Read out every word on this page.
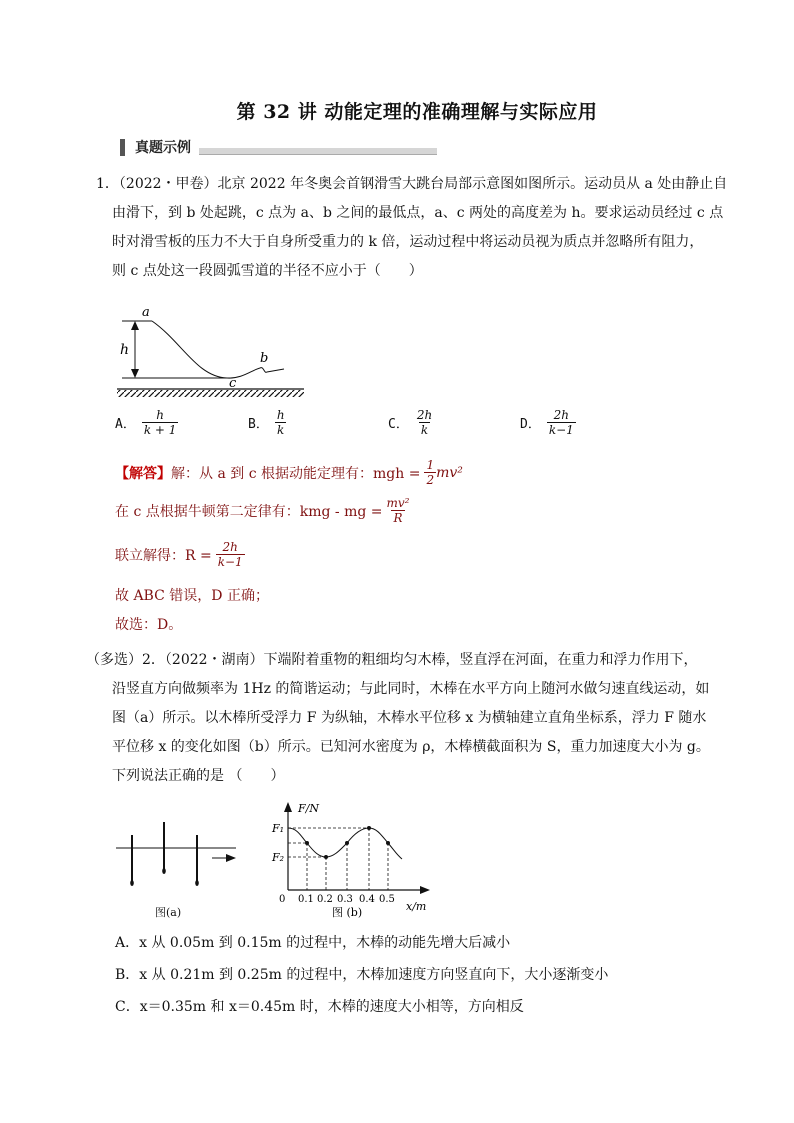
第 32 讲 动能定理的准确理解与实际应用
真题示例
1．（2022・甲卷）北京 2022 年冬奥会首钢滑雪大跳台局部示意图如图所示。运动员从 a 处由静止自
由滑下，到 b 处起跳，c 点为 a、b 之间的最低点，a、c 两处的高度差为 h。要求运动员经过 c 点
时对滑雪板的压力不大于自身所受重力的 k 倍，运动过程中将运动员视为质点并忽略所有阻力，
则 c 点处这一段圆弧雪道的半径不应小于（　　）
a
h
b
c
A． $\frac{h}{k + 1}$	B． $\frac{h}{k}$	C． $\frac{2h}{k}$	D． $\frac{2h}{k-1}$
【解答】 解：从 a 到 c 根据动能定理有：mgh = $\frac{1}{2} mv^2$
在 c 点根据牛顿第二定律有：kmg - mg = $\frac{\text{mv²}}{R}$
联立解得：$R = \frac{2h}{k-1}$
故 ABC 错误，D 正确；
故选：D。
（多选）2．（2022・湖南）下端附着重物的粗细均匀木棒，竖直浮在河面，在重力和浮力作用下，
沿竖直方向做频率为 1Hz 的简谐运动；与此同时，木棒在水平方向上随河水做匀速直线运动，如
图（a）所示。以木棒所受浮力 F 为纵轴，木棒水平位移 x 为横轴建立直角坐标系，浮力 F 随水
平位移 x 的变化如图（b）所示。已知河水密度为 ρ，木棒横截面积为 S，重力加速度大小为 g。
下列说法正确的是 （　　）
图(a)
F/N
F₁
F₂
0 0.1 0.2 0.3 0.4 0.5
x/m
图 (b)
A．x 从 0.05m 到 0.15m 的过程中，木棒的动能先增大后减小
B．x 从 0.21m 到 0.25m 的过程中，木棒加速度方向竖直向下，大小逐渐变小
C．x＝0.35m 和 x＝0.45m 时，木棒的速度大小相等，方向相反
